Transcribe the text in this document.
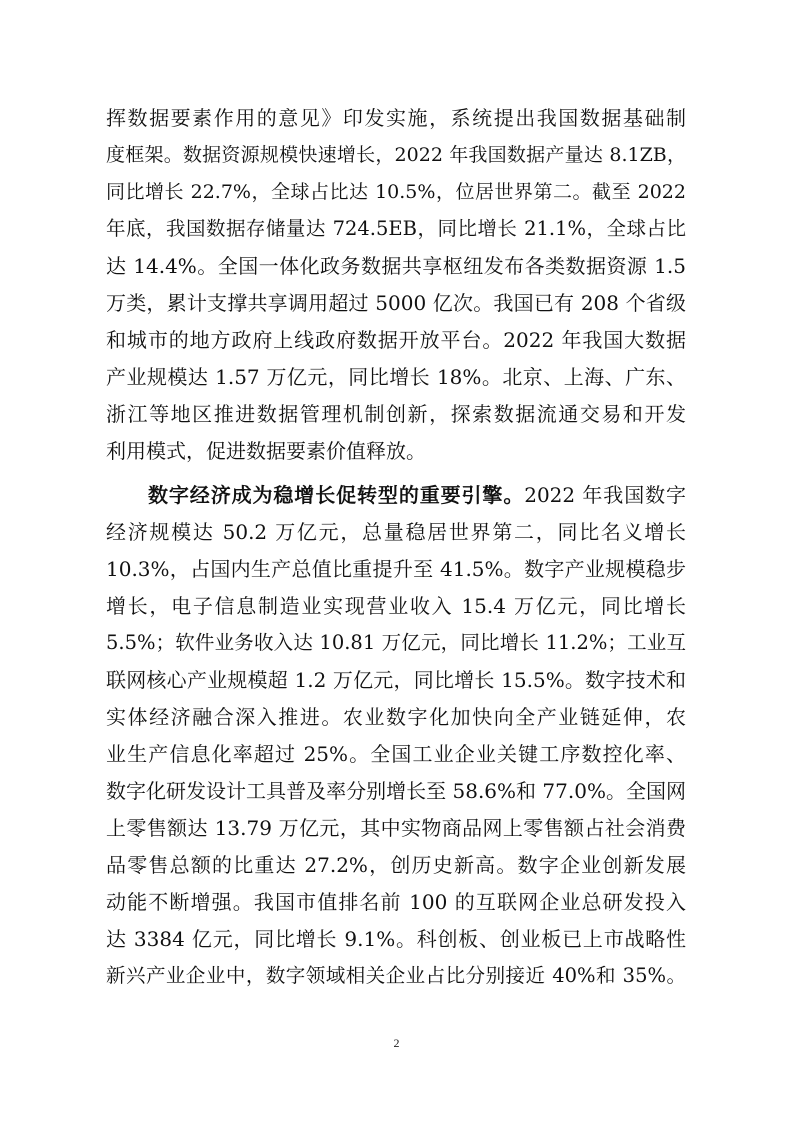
挥数据要素作用的意见》印发实施，系统提出我国数据基础制
度框架。数据资源规模快速增长，2022 年我国数据产量达 8.1ZB，
同比增长 22.7%，全球占比达 10.5%，位居世界第二。截至 2022
年底，我国数据存储量达 724.5EB，同比增长 21.1%，全球占比
达 14.4%。全国一体化政务数据共享枢纽发布各类数据资源 1.5
万类，累计支撑共享调用超过 5000 亿次。我国已有 208 个省级
和城市的地方政府上线政府数据开放平台。2022 年我国大数据
产业规模达 1.57 万亿元，同比增长 18%。北京、上海、广东、
浙江等地区推进数据管理机制创新，探索数据流通交易和开发
利用模式，促进数据要素价值释放。
数字经济成为稳增长促转型的重要引擎。2022 年我国数字
经济规模达 50.2 万亿元，总量稳居世界第二，同比名义增长
10.3%，占国内生产总值比重提升至 41.5%。数字产业规模稳步
增长，电子信息制造业实现营业收入 15.4 万亿元，同比增长
5.5%；软件业务收入达 10.81 万亿元，同比增长 11.2%；工业互
联网核心产业规模超 1.2 万亿元，同比增长 15.5%。数字技术和
实体经济融合深入推进。农业数字化加快向全产业链延伸，农
业生产信息化率超过 25%。全国工业企业关键工序数控化率、
数字化研发设计工具普及率分别增长至 58.6%和 77.0%。全国网
上零售额达 13.79 万亿元，其中实物商品网上零售额占社会消费
品零售总额的比重达 27.2%，创历史新高。数字企业创新发展
动能不断增强。我国市值排名前 100 的互联网企业总研发投入
达 3384 亿元，同比增长 9.1%。科创板、创业板已上市战略性
新兴产业企业中，数字领域相关企业占比分别接近 40%和 35%。
2
